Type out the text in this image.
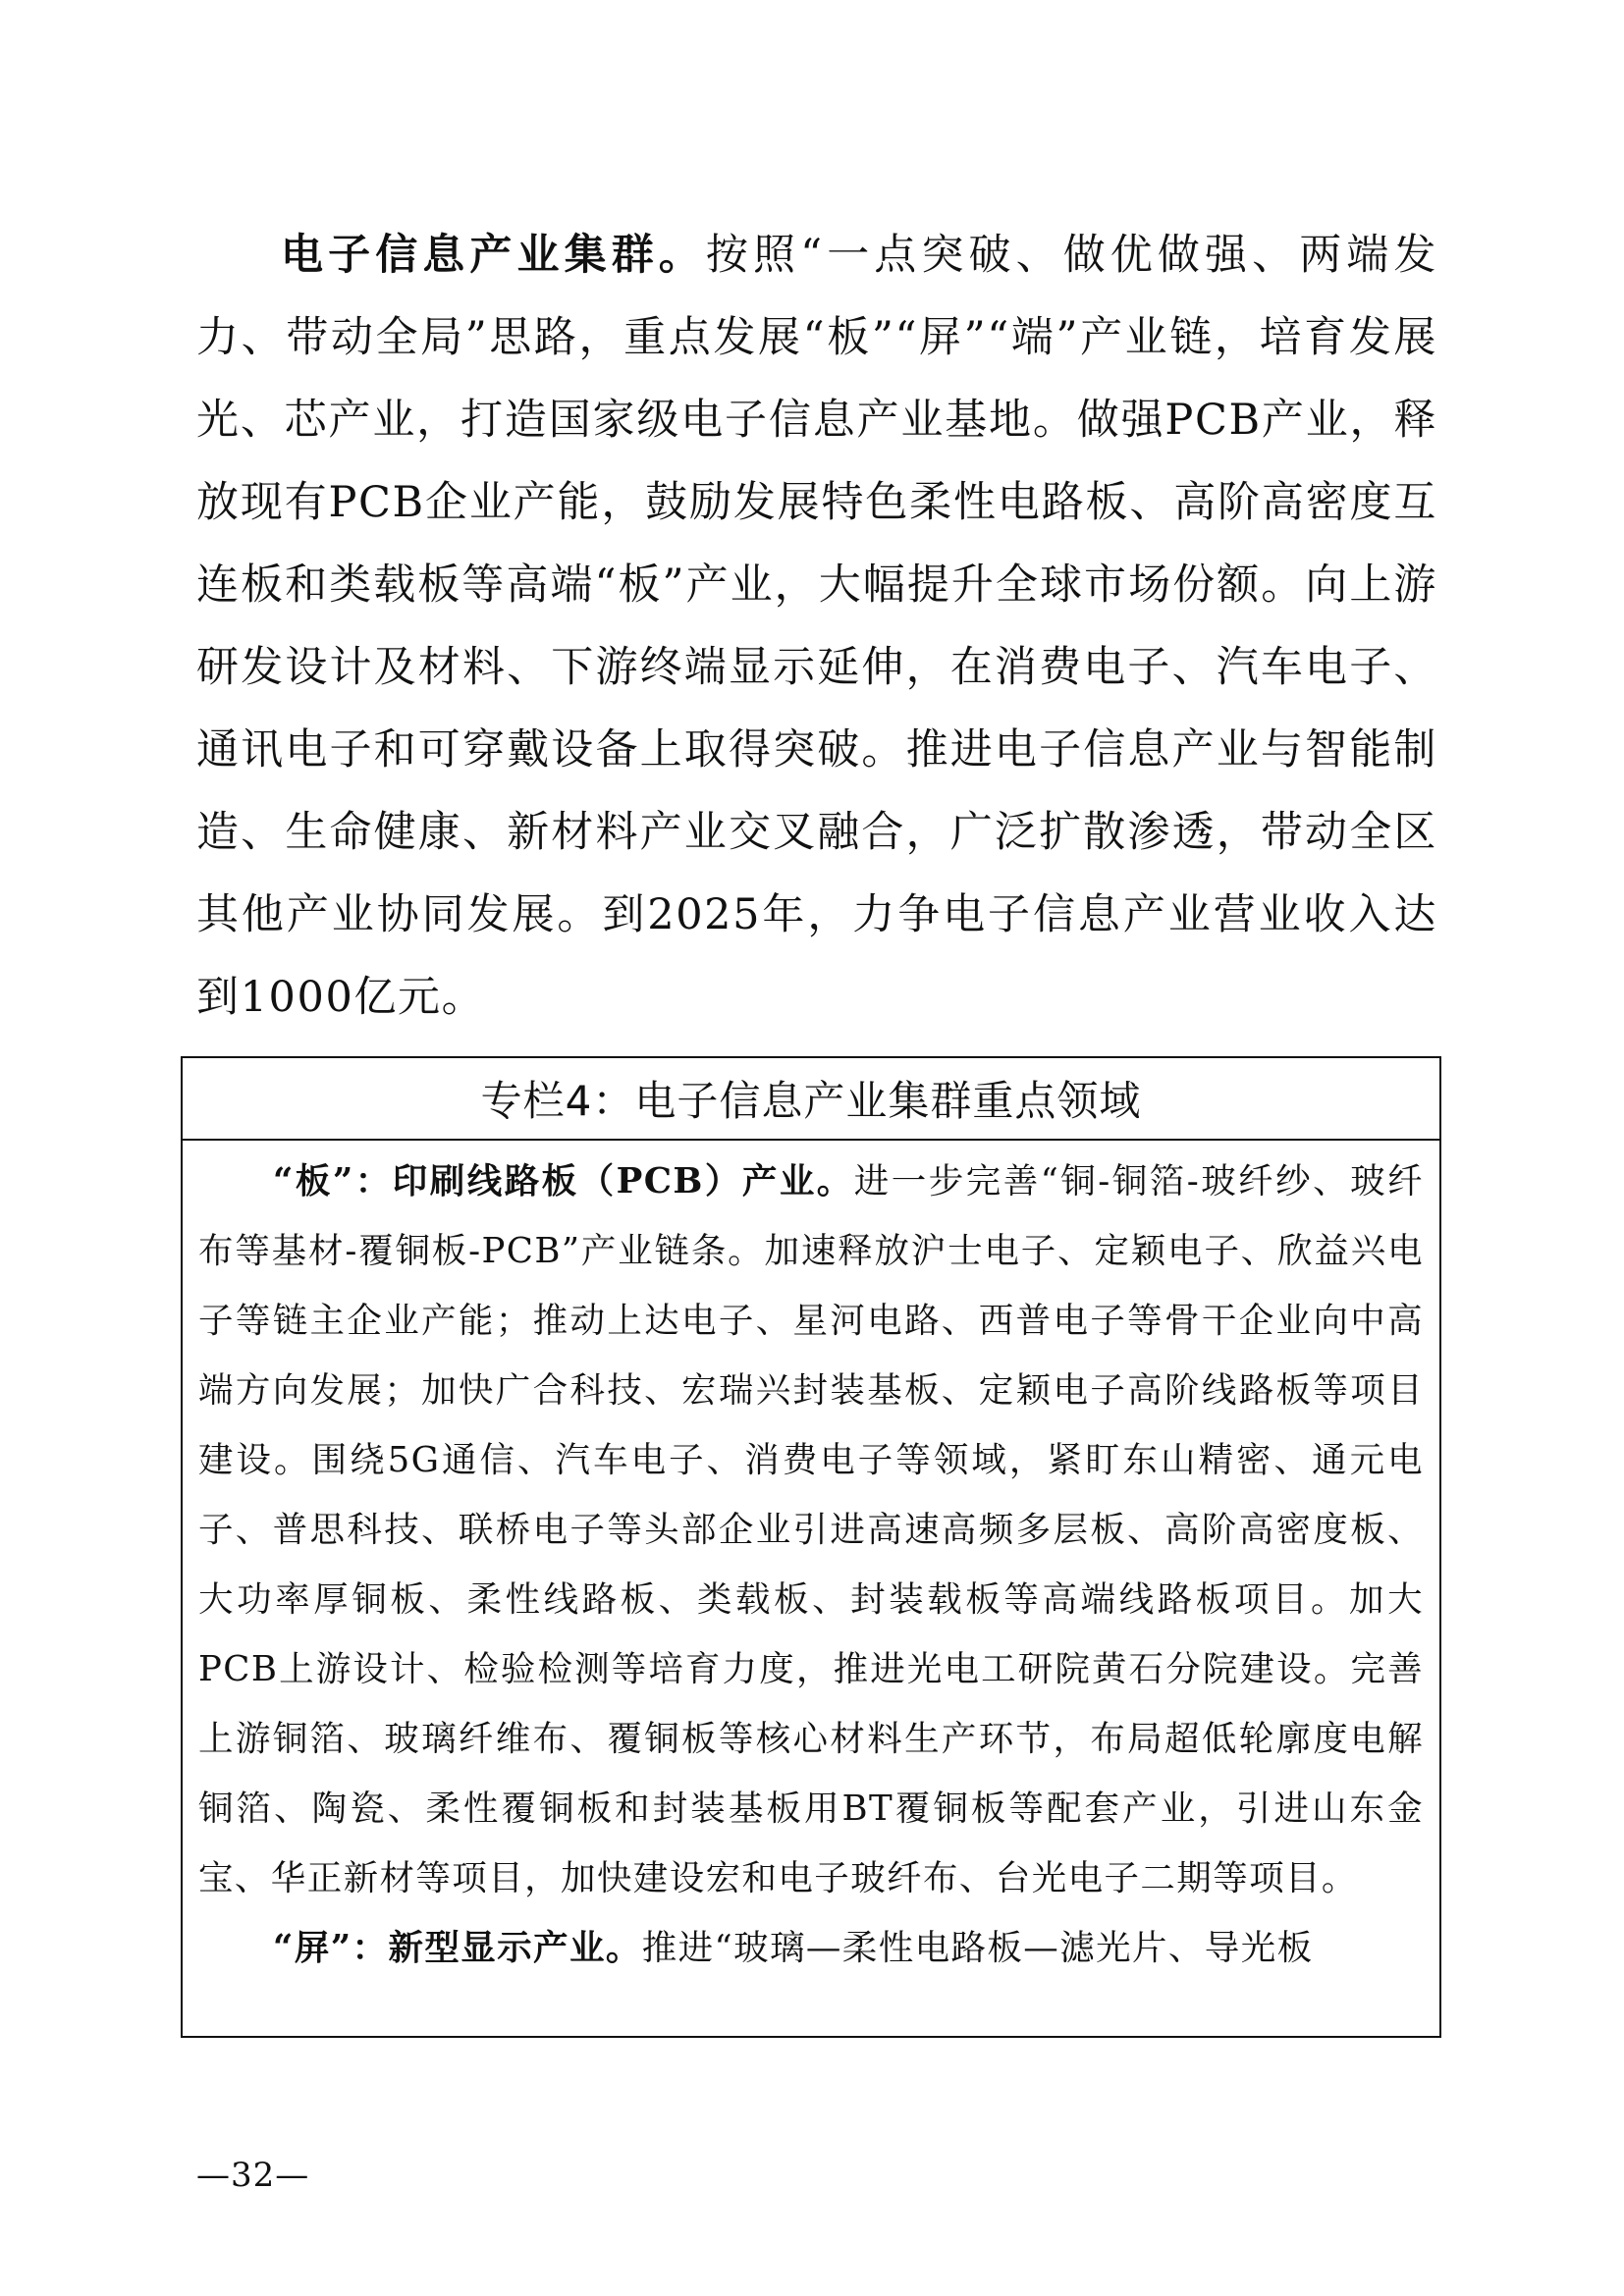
电子信息产业集群。按照“一点突破、做优做强、两端发力、带动全局”思路，重点发展“板”“屏”“端”产业链，培育发展光、芯产业，打造国家级电子信息产业基地。做强PCB产业，释放现有PCB企业产能，鼓励发展特色柔性电路板、高阶高密度互连板和类载板等高端“板”产业，大幅提升全球市场份额。向上游研发设计及材料、下游终端显示延伸，在消费电子、汽车电子、通讯电子和可穿戴设备上取得突破。推进电子信息产业与智能制造、生命健康、新材料产业交叉融合，广泛扩散渗透，带动全区其他产业协同发展。到2025年，力争电子信息产业营业收入达到1000亿元。

专栏4：电子信息产业集群重点领域

“板”：印刷线路板（PCB）产业。进一步完善“铜-铜箔-玻纤纱、玻纤布等基材-覆铜板-PCB”产业链条。加速释放沪士电子、定颖电子、欣益兴电子等链主企业产能；推动上达电子、星河电路、西普电子等骨干企业向中高端方向发展；加快广合科技、宏瑞兴封装基板、定颖电子高阶线路板等项目建设。围绕5G通信、汽车电子、消费电子等领域，紧盯东山精密、通元电子、普思科技、联桥电子等头部企业引进高速高频多层板、高阶高密度板、大功率厚铜板、柔性线路板、类载板、封装载板等高端线路板项目。加大PCB上游设计、检验检测等培育力度，推进光电工研院黄石分院建设。完善上游铜箔、玻璃纤维布、覆铜板等核心材料生产环节，布局超低轮廓度电解铜箔、陶瓷、柔性覆铜板和封装基板用BT覆铜板等配套产业，引进山东金宝、华正新材等项目，加快建设宏和电子玻纤布、台光电子二期等项目。

“屏”：新型显示产业。推进“玻璃—柔性电路板—滤光片、导光板

—32—
